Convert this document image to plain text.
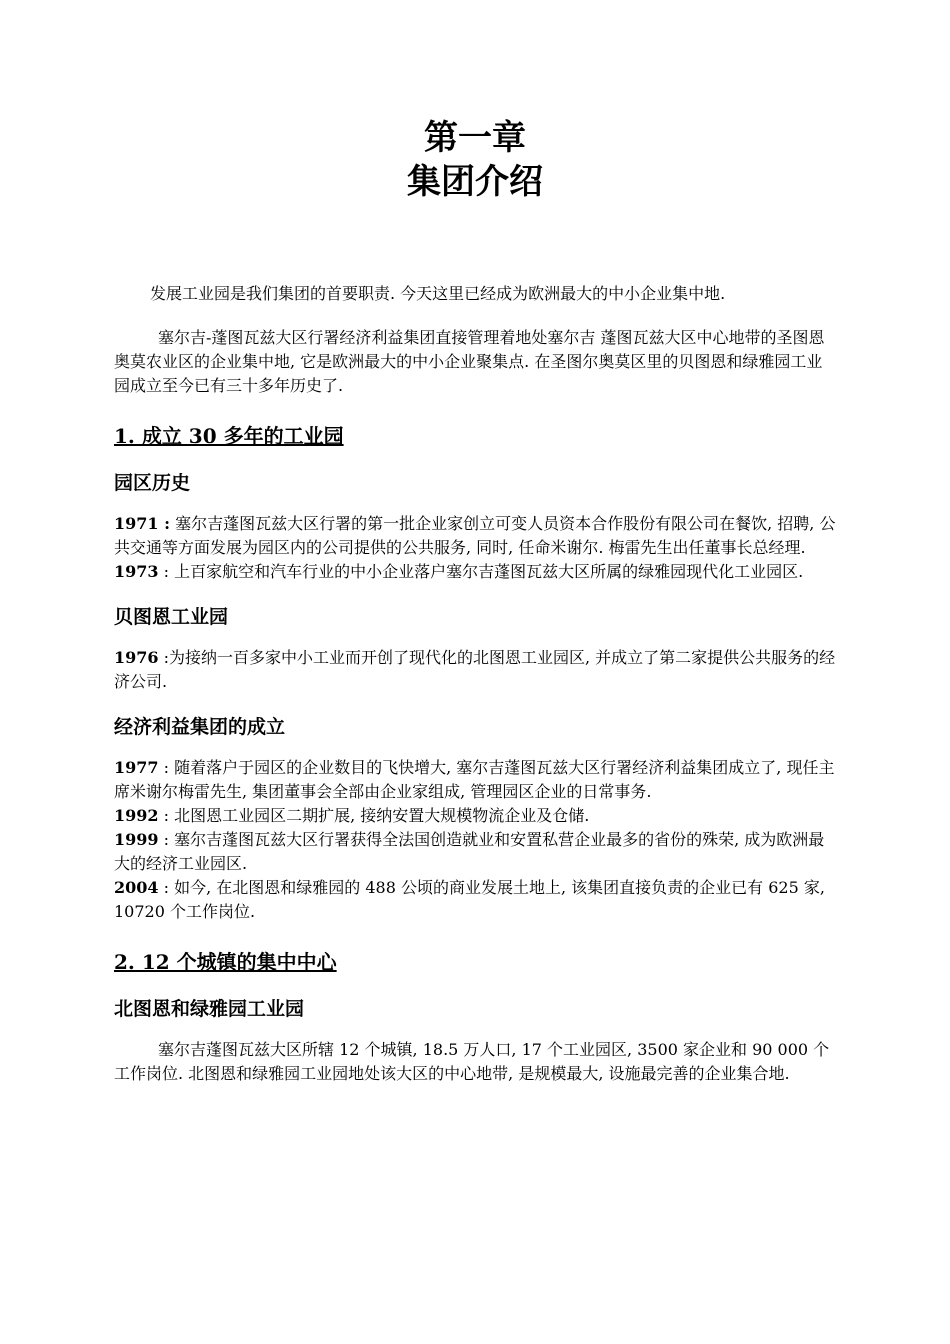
第一章
集团介绍

发展工业园是我们集团的首要职责. 今天这里已经成为欧洲最大的中小企业集中地.

塞尔吉-蓬图瓦兹大区行署经济利益集团直接管理着地处塞尔吉 蓬图瓦兹大区中心地带的圣图恩奥莫农业区的企业集中地, 它是欧洲最大的中小企业聚集点. 在圣图尔奥莫区里的贝图恩和绿雅园工业园成立至今已有三十多年历史了.

1. 成立 30 多年的工业园
园区历史

1971 : 塞尔吉蓬图瓦兹大区行署的第一批企业家创立可变人员资本合作股份有限公司在餐饮, 招聘, 公共交通等方面发展为园区内的公司提供的公共服务, 同时, 任命米谢尔. 梅雷先生出任董事长总经理.

1973 : 上百家航空和汽车行业的中小企业落户塞尔吉蓬图瓦兹大区所属的绿雅园现代化工业园区.

贝图恩工业园

1976 :为接纳一百多家中小工业而开创了现代化的北图恩工业园区, 并成立了第二家提供公共服务的经济公司.

经济利益集团的成立

1977 : 随着落户于园区的企业数目的飞快增大, 塞尔吉蓬图瓦兹大区行署经济利益集团成立了, 现任主席米谢尔梅雷先生, 集团董事会全部由企业家组成, 管理园区企业的日常事务.

1992 : 北图恩工业园区二期扩展, 接纳安置大规模物流企业及仓储.

1999 : 塞尔吉蓬图瓦兹大区行署获得全法国创造就业和安置私营企业最多的省份的殊荣, 成为欧洲最大的经济工业园区.

2004 : 如今, 在北图恩和绿雅园的 488 公顷的商业发展土地上, 该集团直接负责的企业已有 625 家, 10720 个工作岗位.

2. 12 个城镇的集中中心
北图恩和绿雅园工业园

塞尔吉蓬图瓦兹大区所辖 12 个城镇, 18.5 万人口, 17 个工业园区, 3500 家企业和 90 000 个工作岗位. 北图恩和绿雅园工业园地处该大区的中心地带, 是规模最大, 设施最完善的企业集合地.
